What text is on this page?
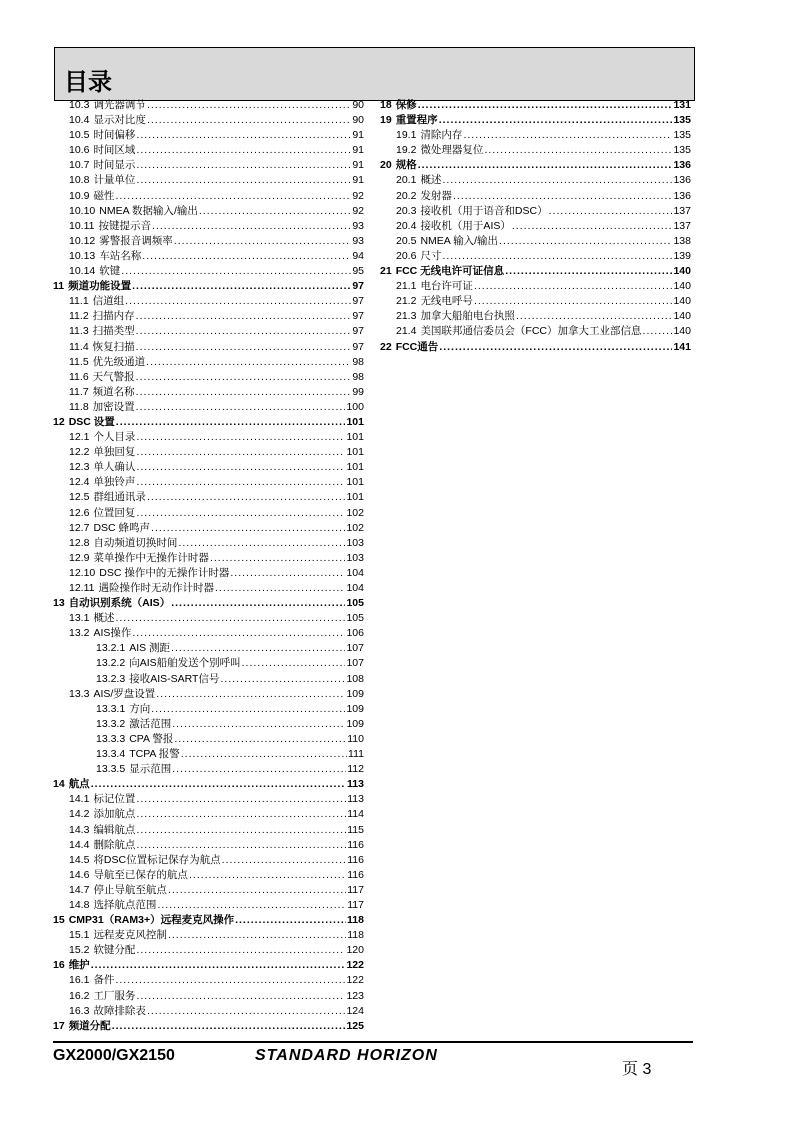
目录
10.3 调光器调节 .....	90
10.4 显示对比度 .....	90
10.5 时间偏移 .....	91
10.6 时间区域 .....	91
10.7 时间显示 .....	91
10.8 计量单位 .....	91
10.9 磁性 .....	92
10.10 NMEA 数据输入/输出 .....	92
10.11 按键提示音 .....	93
10.12 雾警报音调频率 .....	93
10.13 车站名称 .....	94
10.14 软键 .....	95
11 频道功能设置 .....	97
11.1 信道组 .....	97
11.2 扫描内存 .....	97
11.3 扫描类型 .....	97
11.4 恢复扫描 .....	97
11.5 优先级通道 .....	98
11.6 天气警报 .....	98
11.7 频道名称 .....	99
11.8 加密设置 .....	100
12 DSC 设置 .....	101
12.1 个人目录 .....	101
12.2 单独回复 .....	101
12.3 单人确认 .....	101
12.4 单独铃声 .....	101
12.5 群组通讯录 .....	101
12.6 位置回复 .....	102
12.7 DSC 蜂鸣声 .....	102
12.8 自动频道切换时间 .....	103
12.9 菜单操作中无操作计时器 .....	103
12.10 DSC 操作中的无操作计时器 .....	104
12.11 遇险操作时无动作计时器 .....	104
13 自动识别系统（AIS） .....	105
13.1 概述 .....	105
13.2 AIS操作 .....	106
13.2.1 AIS 测距 .....	107
13.2.2 向AIS船舶发送个别呼叫 .....	107
13.2.3 接收AIS-SART信号 .....	108
13.3 AIS/罗盘设置 .....	109
13.3.1 方向 .....	109
13.3.2 激活范围 .....	109
13.3.3 CPA 警报 .....	110
13.3.4 TCPA 报警 .....	111
13.3.5 显示范围 .....	112
14 航点 .....	113
14.1 标记位置 .....	113
14.2 添加航点 .....	114
14.3 编辑航点 .....	115
14.4 删除航点 .....	116
14.5 将DSC位置标记保存为航点 .....	116
14.6 导航至已保存的航点 .....	116
14.7 停止导航至航点 .....	117
14.8 选择航点范围 .....	117
15 CMP31（RAM3+）远程麦克风操作 .....	118
15.1 远程麦克风控制 .....	118
15.2 软键分配 .....	120
16 维护 .....	122
16.1 备件 .....	122
16.2 工厂服务 .....	123
16.3 故障排除表 .....	124
17 频道分配 .....	125
18 保修 .....	131
19 重置程序 .....	135
19.1 清除内存 .....	135
19.2 微处理器复位 .....	135
20 规格 .....	136
20.1 概述 .....	136
20.2 发射器 .....	136
20.3 接收机（用于语音和DSC） .....	137
20.4 接收机（用于AIS） .....	137
20.5 NMEA 输入/输出 .....	138
20.6 尺寸 .....	139
21 FCC 无线电许可证信息 .....	140
21.1 电台许可证 .....	140
21.2 无线电呼号 .....	140
21.3 加拿大船舶电台执照 .....	140
21.4 美国联邦通信委员会（FCC）加拿大工业部信息 .....	140
22 FCC通告 .....	141
GX2000/GX2150	STANDARD HORIZON
页 3
